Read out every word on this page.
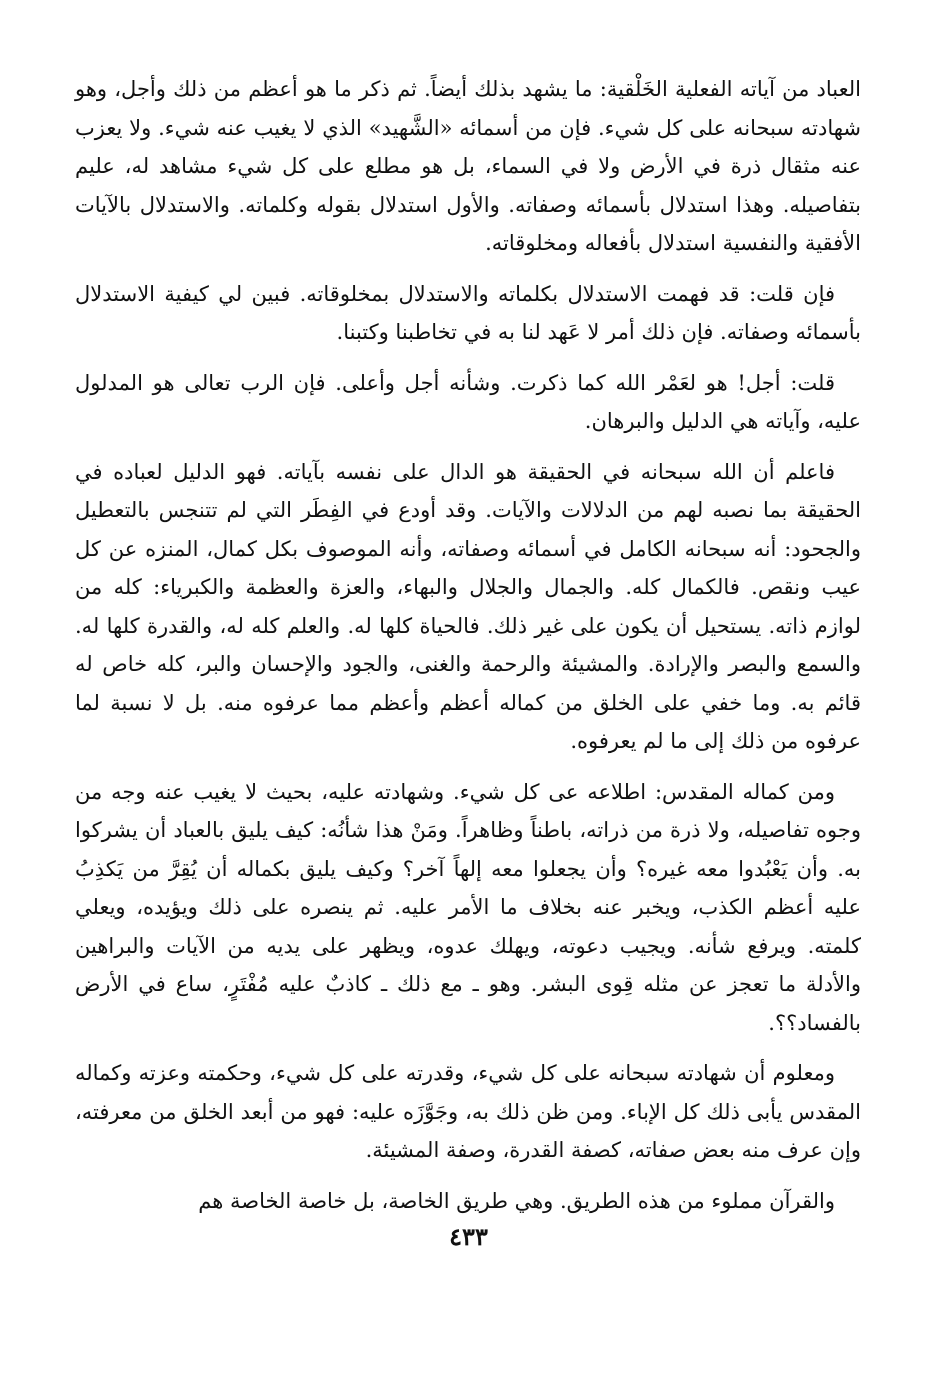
العباد من آياته الفعلية الخَلْقية: ما يشهد بذلك أيضاً. ثم ذكر ما هو أعظم من ذلك وأجل، وهو شهادته سبحانه على كل شيء. فإن من أسمائه «الشَّهيد» الذي لا يغيب عنه شيء. ولا يعزب عنه مثقال ذرة في الأرض ولا في السماء، بل هو مطلع على كل شيء مشاهد له، عليم بتفاصيله. وهذا استدلال بأسمائه وصفاته. والأول استدلال بقوله وكلماته. والاستدلال بالآيات الأفقية والنفسية استدلال بأفعاله ومخلوقاته.

فإن قلت: قد فهمت الاستدلال بكلماته والاستدلال بمخلوقاته. فبين لي كيفية الاستدلال بأسمائه وصفاته. فإن ذلك أمر لا عَهد لنا به في تخاطبنا وكتبنا.

قلت: أجل! هو لعَمْر الله كما ذكرت. وشأنه أجل وأعلى. فإن الرب تعالى هو المدلول عليه، وآياته هي الدليل والبرهان.

فاعلم أن الله سبحانه في الحقيقة هو الدال على نفسه بآياته. فهو الدليل لعباده في الحقيقة بما نصبه لهم من الدلالات والآيات. وقد أودع في الفِطَر التي لم تتنجس بالتعطيل والجحود: أنه سبحانه الكامل في أسمائه وصفاته، وأنه الموصوف بكل كمال، المنزه عن كل عيب ونقص. فالكمال كله. والجمال والجلال والبهاء، والعزة والعظمة والكبرياء: كله من لوازم ذاته. يستحيل أن يكون على غير ذلك. فالحياة كلها له. والعلم كله له، والقدرة كلها له. والسمع والبصر والإرادة. والمشيئة والرحمة والغنى، والجود والإحسان والبر، كله خاص له قائم به. وما خفي على الخلق من كماله أعظم وأعظم مما عرفوه منه. بل لا نسبة لما عرفوه من ذلك إلى ما لم يعرفوه.

ومن كماله المقدس: اطلاعه عى كل شيء. وشهادته عليه، بحيث لا يغيب عنه وجه من وجوه تفاصيله، ولا ذرة من ذراته، باطناً وظاهراً. ومَنْ هذا شأنُه: كيف يليق بالعباد أن يشركوا به. وأن يَعْبُدوا معه غيره؟ وأن يجعلوا معه إلهاً آخر؟ وكيف يليق بكماله أن يُقِرَّ من يَكذِبُ عليه أعظم الكذب، ويخبر عنه بخلاف ما الأمر عليه. ثم ينصره على ذلك ويؤيده، ويعلي كلمته. ويرفع شأنه. ويجيب دعوته، ويهلك عدوه، ويظهر على يديه من الآيات والبراهين والأدلة ما تعجز عن مثله قِوى البشر. وهو ـ مع ذلك ـ كاذبٌ عليه مُفْتَرٍ، ساع في الأرض بالفساد؟؟.

ومعلوم أن شهادته سبحانه على كل شيء، وقدرته على كل شيء، وحكمته وعزته وكماله المقدس يأبى ذلك كل الإباء. ومن ظن ذلك به، وجَوَّزَه عليه: فهو من أبعد الخلق من معرفته، وإن عرف منه بعض صفاته، كصفة القدرة، وصفة المشيئة.

والقرآن مملوء من هذه الطريق. وهي طريق الخاصة، بل خاصة الخاصة هم

٤٣٣
